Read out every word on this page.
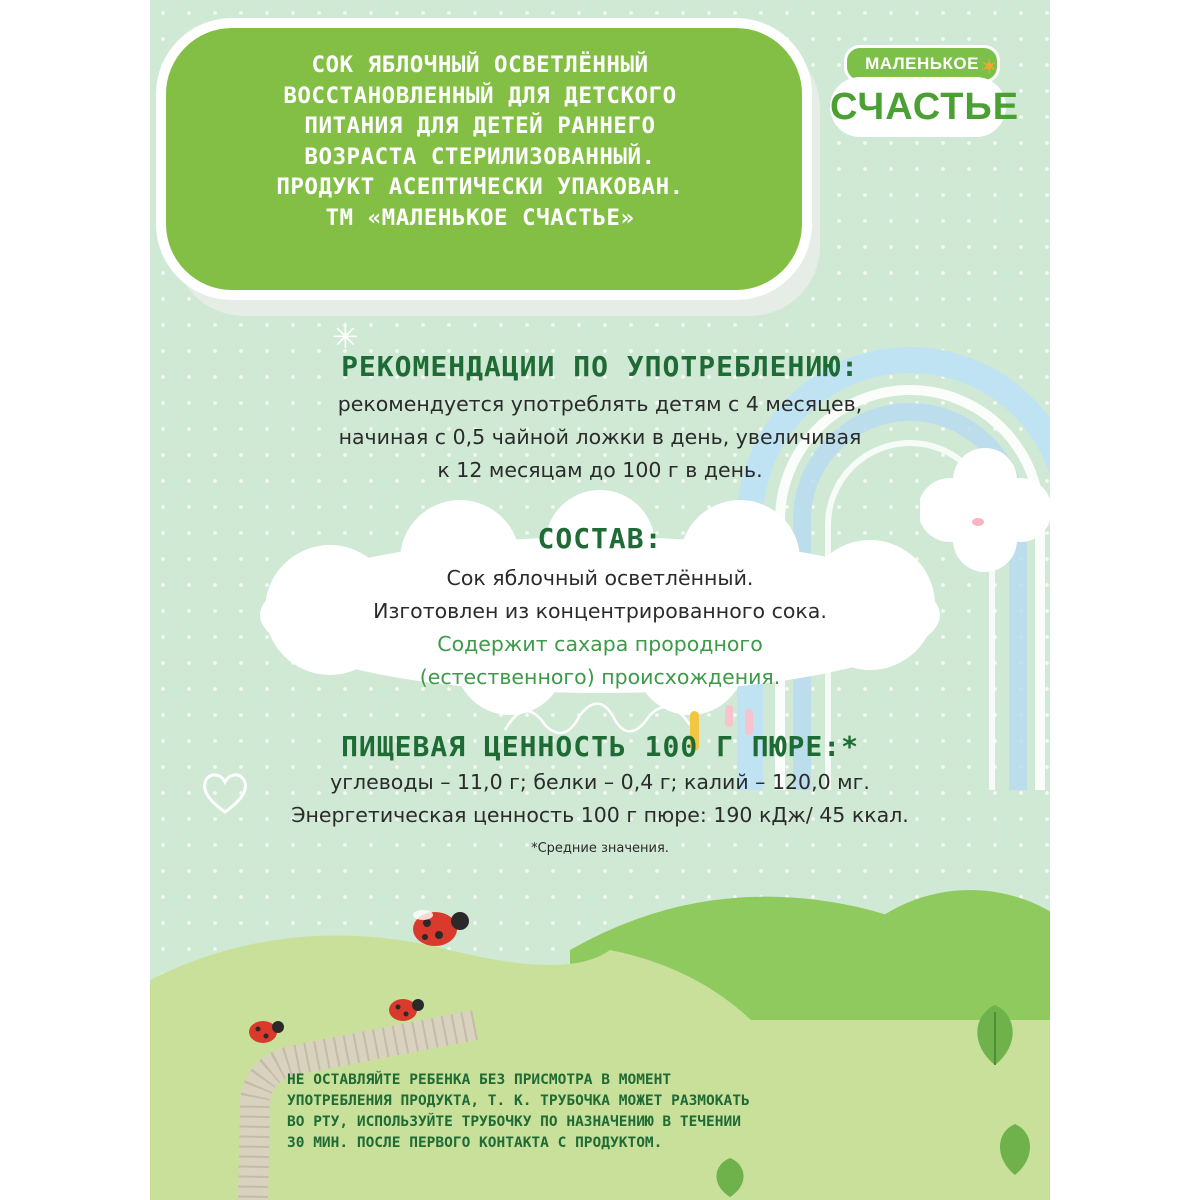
СОК ЯБЛОЧНЫЙ ОСВЕТЛЁННЫЙ
ВОССТАНОВЛЕННЫЙ ДЛЯ ДЕТСКОГО
ПИТАНИЯ ДЛЯ ДЕТЕЙ РАННЕГО
ВОЗРАСТА СТЕРИЛИЗОВАННЫЙ.
ПРОДУКТ АСЕПТИЧЕСКИ УПАКОВАН.
ТМ «МАЛЕНЬКОЕ СЧАСТЬЕ»
МАЛЕНЬКОЕ
СЧАСТЬЕ
✶
✳
РЕКОМЕНДАЦИИ ПО УПОТРЕБЛЕНИЮ:
рекомендуется употреблять детям с 4 месяцев,
начиная с 0,5 чайной ложки в день, увеличивая
к 12 месяцам до 100 г в день.
СОСТАВ:
Сок яблочный осветлённый.
Изготовлен из концентрированного сока.
Содержит сахара прородного
(естественного) происхождения.
ПИЩЕВАЯ ЦЕННОСТЬ 100 Г ПЮРЕ:*
углеводы – 11,0 г; белки – 0,4 г; калий – 120,0 мг.
Энергетическая ценность 100 г пюре: 190 кДж/ 45 ккал.
*Средние значения.
НЕ ОСТАВЛЯЙТЕ РЕБЕНКА БЕЗ ПРИСМОТРА В МОМЕНТ
УПОТРЕБЛЕНИЯ ПРОДУКТА, Т. К. ТРУБОЧКА МОЖЕТ РАЗМОКАТЬ
ВО РТУ, ИСПОЛЬЗУЙТЕ ТРУБОЧКУ ПО НАЗНАЧЕНИЮ В ТЕЧЕНИИ
30 МИН. ПОСЛЕ ПЕРВОГО КОНТАКТА С ПРОДУКТОМ.
